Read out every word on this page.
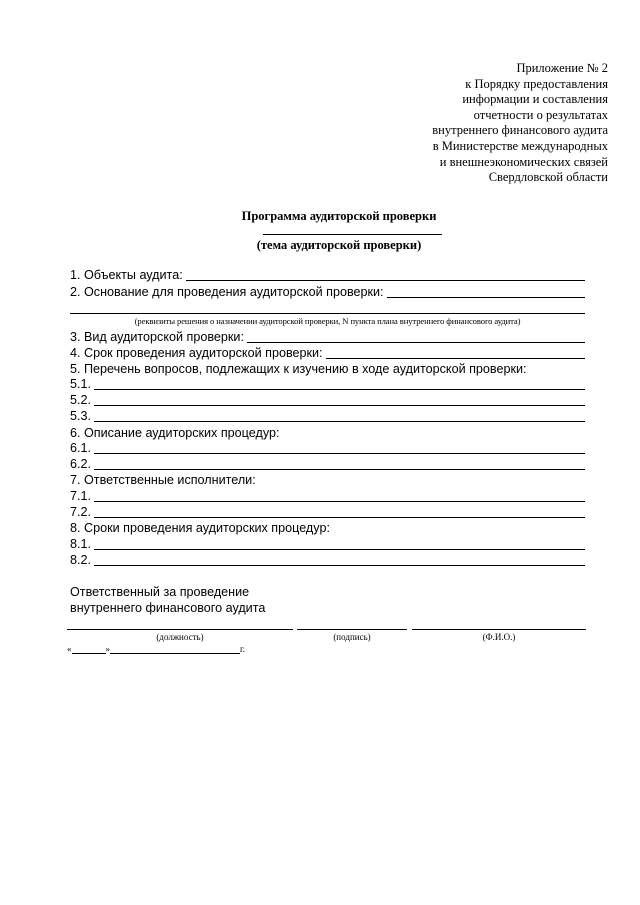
Приложение № 2
к Порядку предоставления
информации и составления
отчетности о результатах
внутреннего финансового аудита
в Министерстве международных
и внешнеэкономических связей
Свердловской области
Программа аудиторской проверки
(тема аудиторской проверки)
1. Объекты аудита:
2. Основание для проведения аудиторской проверки:
(реквизиты решения о назначении аудиторской проверки, N пункта плана внутреннего финансового аудита)
3. Вид аудиторской проверки:
4. Срок проведения аудиторской проверки:
5. Перечень вопросов, подлежащих к изучению в ходе аудиторской проверки:
5.1.
5.2.
5.3.
6. Описание аудиторских процедур:
6.1.
6.2.
7. Ответственные исполнители:
7.1.
7.2.
8. Сроки проведения аудиторских процедур:
8.1.
8.2.
Ответственный за проведение
внутреннего финансового аудита
(должность)	(подпись)	(Ф.И.О.)
«	»	г.
